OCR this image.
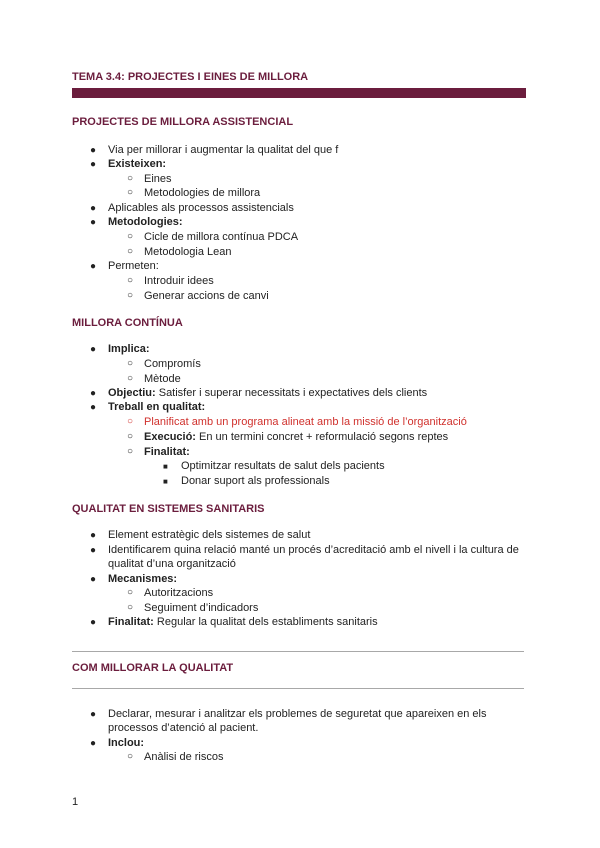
TEMA 3.4: PROJECTES I EINES DE MILLORA
PROJECTES DE MILLORA ASSISTENCIAL
● Via per millorar i augmentar la qualitat del que f
● Existeixen:
○ Eines
○ Metodologies de millora
● Aplicables als processos assistencials
● Metodologies:
○ Cicle de millora contínua PDCA
○ Metodologia Lean
● Permeten:
○ Introduir idees
○ Generar accions de canvi
MILLORA CONTÍNUA
● Implica:
○ Compromís
○ Mètode
● Objectiu: Satisfer i superar necessitats i expectatives dels clients
● Treball en qualitat:
○ Planificat amb un programa alineat amb la missió de l’organització
○ Execució: En un termini concret + reformulació segons reptes
○ Finalitat:
■ Optimitzar resultats de salut dels pacients
■ Donar suport als professionals
QUALITAT EN SISTEMES SANITARIS
● Element estratègic dels sistemes de salut
● Identificarem quina relació manté un procés d’acreditació amb el nivell i la cultura de
qualitat d’una organització
● Mecanismes:
○ Autoritzacions
○ Seguiment d’indicadors
● Finalitat: Regular la qualitat dels establiments sanitaris
COM MILLORAR LA QUALITAT
● Declarar, mesurar i analitzar els problemes de seguretat que apareixen en els
processos d’atenció al pacient.
● Inclou:
○ Anàlisi de riscos
1
